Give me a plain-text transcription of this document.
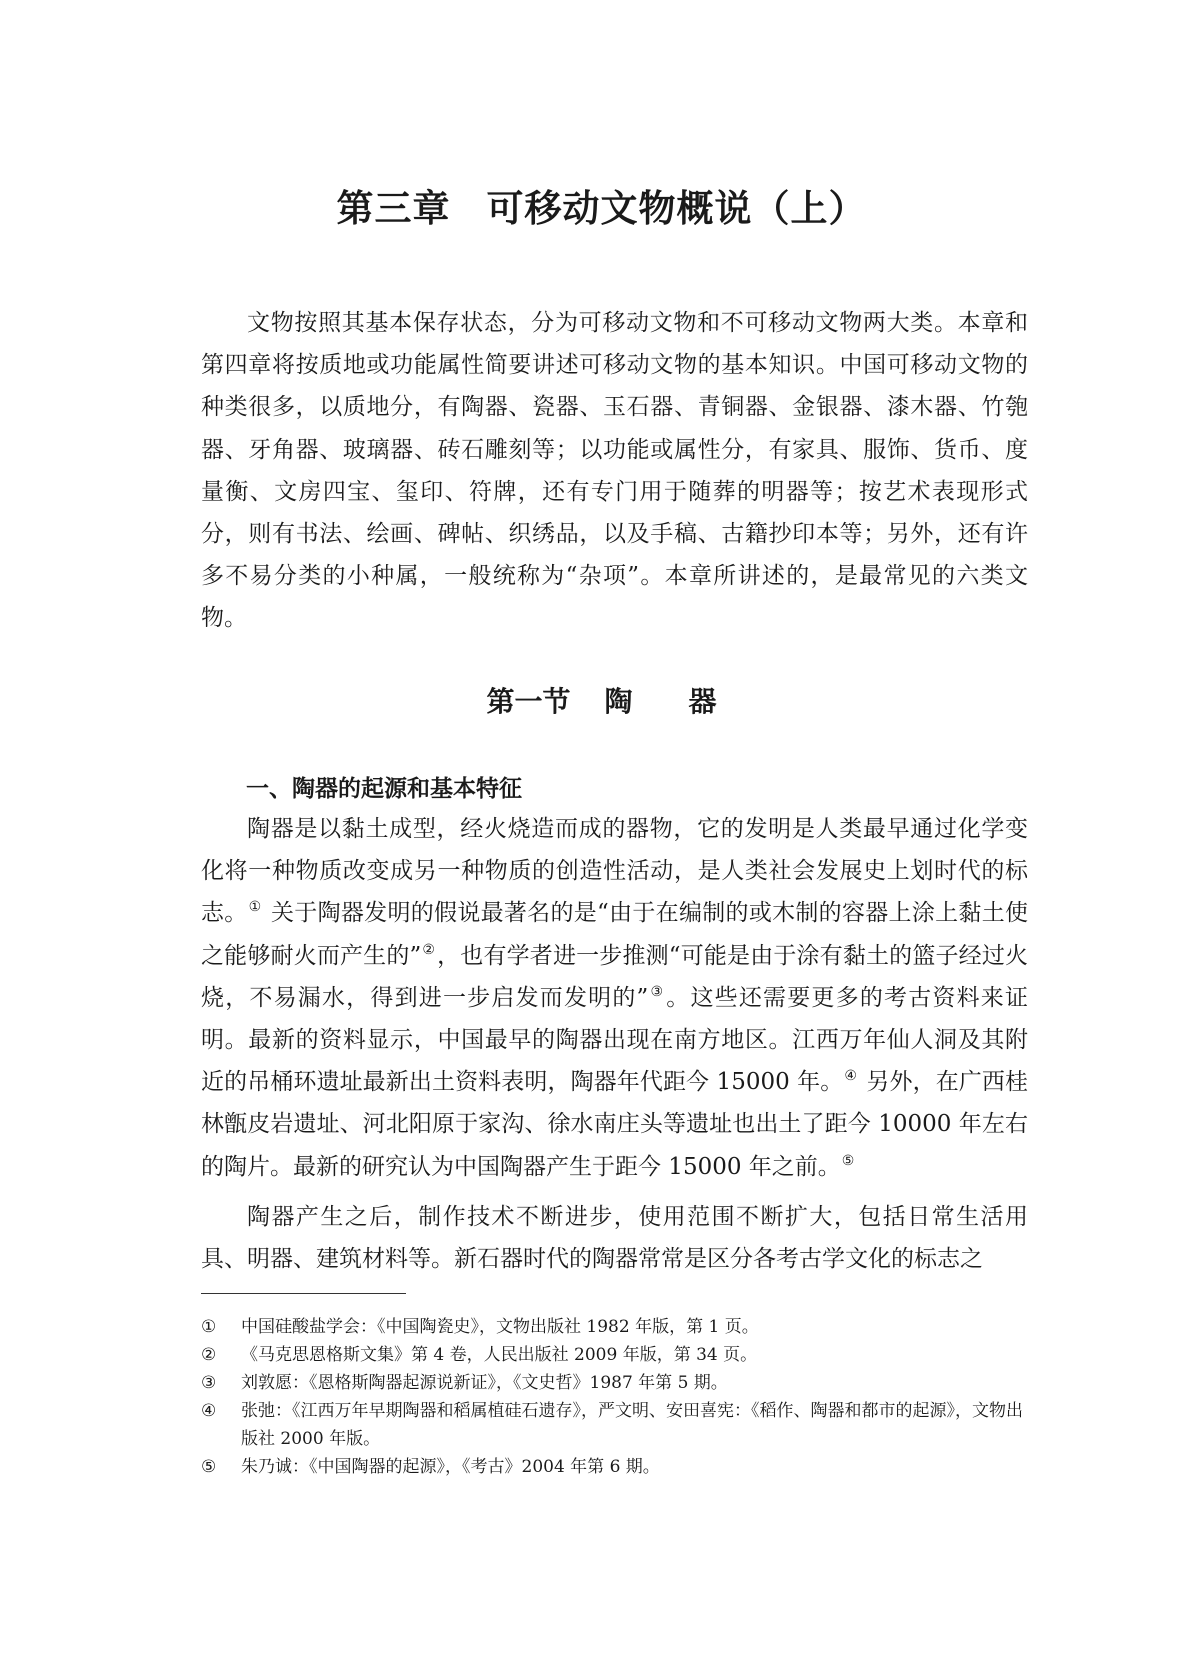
第三章 可移动文物概说（上）

文物按照其基本保存状态，分为可移动文物和不可移动文物两大类。本章和第四章将按质地或功能属性简要讲述可移动文物的基本知识。中国可移动文物的种类很多，以质地分，有陶器、瓷器、玉石器、青铜器、金银器、漆木器、竹匏器、牙角器、玻璃器、砖石雕刻等；以功能或属性分，有家具、服饰、货币、度量衡、文房四宝、玺印、符牌，还有专门用于随葬的明器等；按艺术表现形式分，则有书法、绘画、碑帖、织绣品，以及手稿、古籍抄印本等；另外，还有许多不易分类的小种属，一般统称为“杂项”。本章所讲述的，是最常见的六类文物。

第一节 陶 器
一、陶器的起源和基本特征

陶器是以黏土成型，经火烧造而成的器物，它的发明是人类最早通过化学变化将一种物质改变成另一种物质的创造性活动，是人类社会发展史上划时代的标志。① 关于陶器发明的假说最著名的是“由于在编制的或木制的容器上涂上黏土使之能够耐火而产生的”②，也有学者进一步推测“可能是由于涂有黏土的篮子经过火烧，不易漏水，得到进一步启发而发明的”③。这些还需要更多的考古资料来证明。最新的资料显示，中国最早的陶器出现在南方地区。江西万年仙人洞及其附近的吊桶环遗址最新出土资料表明，陶器年代距今 15000 年。④ 另外，在广西桂林甑皮岩遗址、河北阳原于家沟、徐水南庄头等遗址也出土了距今 10000 年左右的陶片。最新的研究认为中国陶器产生于距今 15000 年之前。⑤

陶器产生之后，制作技术不断进步，使用范围不断扩大，包括日常生活用具、明器、建筑材料等。新石器时代的陶器常常是区分各考古学文化的标志之

① 中国硅酸盐学会：《中国陶瓷史》，文物出版社 1982 年版，第 1 页。
② 《马克思恩格斯文集》第 4 卷，人民出版社 2009 年版，第 34 页。
③ 刘敦愿：《恩格斯陶器起源说新证》，《文史哲》1987 年第 5 期。
④ 张弛：《江西万年早期陶器和稻属植硅石遗存》，严文明、安田喜宪：《稻作、陶器和都市的起源》，文物出版社 2000 年版。
⑤ 朱乃诚：《中国陶器的起源》，《考古》2004 年第 6 期。
